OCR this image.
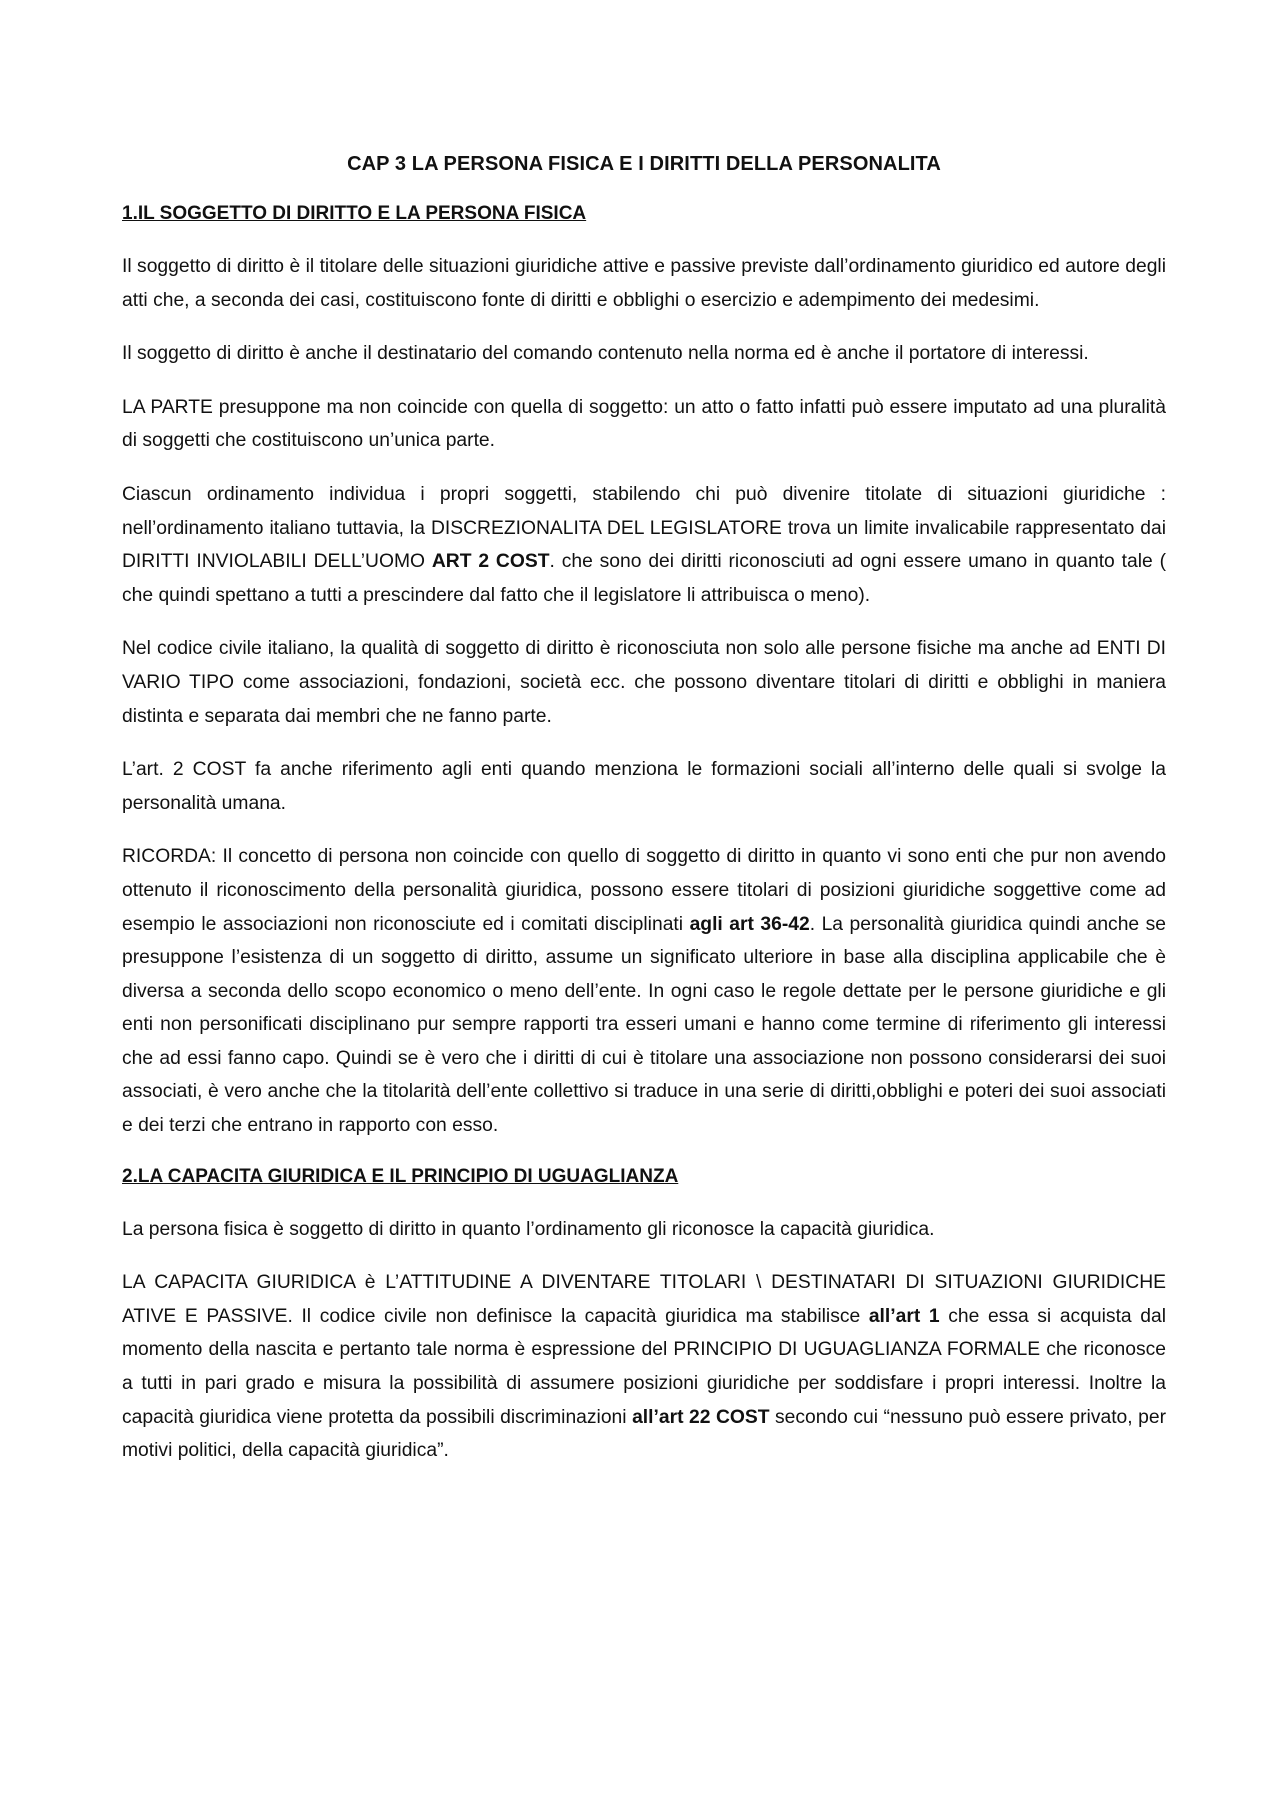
CAP 3 LA PERSONA FISICA E I DIRITTI DELLA PERSONALITA
1.IL SOGGETTO DI DIRITTO E LA PERSONA FISICA

Il soggetto di diritto è il titolare delle situazioni giuridiche attive e passive previste dall’ordinamento giuridico ed autore degli atti che, a seconda dei casi, costituiscono fonte di diritti e obblighi o esercizio e adempimento dei medesimi.

Il soggetto di diritto è anche il destinatario del comando contenuto nella norma ed è anche il portatore di interessi.

LA PARTE presuppone ma non coincide con quella di soggetto: un atto o fatto infatti può essere imputato ad una pluralità di soggetti che costituiscono un’unica parte.

Ciascun ordinamento individua i propri soggetti, stabilendo chi può divenire titolate di situazioni giuridiche : nell’ordinamento italiano tuttavia, la DISCREZIONALITA DEL LEGISLATORE trova un limite invalicabile rappresentato dai DIRITTI INVIOLABILI DELL’UOMO ART 2 COST. che sono dei diritti riconosciuti ad ogni essere umano in quanto tale ( che quindi spettano a tutti a prescindere dal fatto che il legislatore li attribuisca o meno).

Nel codice civile italiano, la qualità di soggetto di diritto è riconosciuta non solo alle persone fisiche ma anche ad ENTI DI VARIO TIPO come associazioni, fondazioni, società ecc. che possono diventare titolari di diritti e obblighi in maniera distinta e separata dai membri che ne fanno parte.

L’art. 2 COST fa anche riferimento agli enti quando menziona le formazioni sociali all’interno delle quali si svolge la personalità umana.

RICORDA: Il concetto di persona non coincide con quello di soggetto di diritto in quanto vi sono enti che pur non avendo ottenuto il riconoscimento della personalità giuridica, possono essere titolari di posizioni giuridiche soggettive come ad esempio le associazioni non riconosciute ed i comitati disciplinati agli art 36-42. La personalità giuridica quindi anche se presuppone l’esistenza di un soggetto di diritto, assume un significato ulteriore in base alla disciplina applicabile che è diversa a seconda dello scopo economico o meno dell’ente. In ogni caso le regole dettate per le persone giuridiche e gli enti non personificati disciplinano pur sempre rapporti tra esseri umani e hanno come termine di riferimento gli interessi che ad essi fanno capo. Quindi se è vero che i diritti di cui è titolare una associazione non possono considerarsi dei suoi associati, è vero anche che la titolarità dell’ente collettivo si traduce in una serie di diritti,obblighi e poteri dei suoi associati e dei terzi che entrano in rapporto con esso.

2.LA CAPACITA GIURIDICA E IL PRINCIPIO DI UGUAGLIANZA

La persona fisica è soggetto di diritto in quanto l’ordinamento gli riconosce la capacità giuridica.

LA CAPACITA GIURIDICA è L’ATTITUDINE A DIVENTARE TITOLARI \ DESTINATARI DI SITUAZIONI GIURIDICHE ATIVE E PASSIVE. Il codice civile non definisce la capacità giuridica ma stabilisce all’art 1 che essa si acquista dal momento della nascita e pertanto tale norma è espressione del PRINCIPIO DI UGUAGLIANZA FORMALE che riconosce a tutti in pari grado e misura la possibilità di assumere posizioni giuridiche per soddisfare i propri interessi. Inoltre la capacità giuridica viene protetta da possibili discriminazioni all’art 22 COST secondo cui “nessuno può essere privato, per motivi politici, della capacità giuridica”.
